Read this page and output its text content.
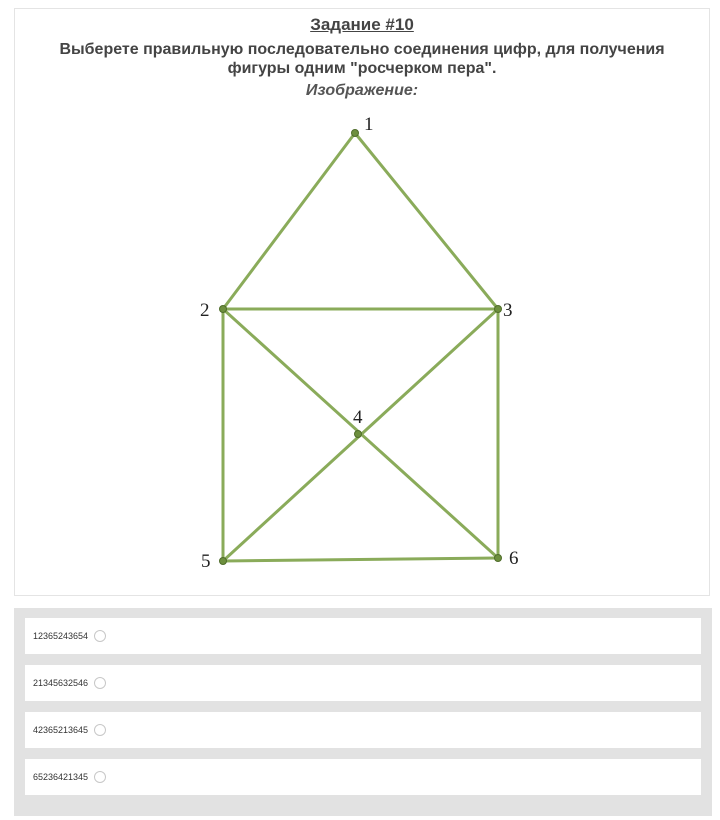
Задание #10
Выберете правильную последовательно соединения цифр, для получения
фигуры одним "росчерком пера".
Изображение:
1
2	3
4
5	6
12365243654
21345632546
42365213645
65236421345
